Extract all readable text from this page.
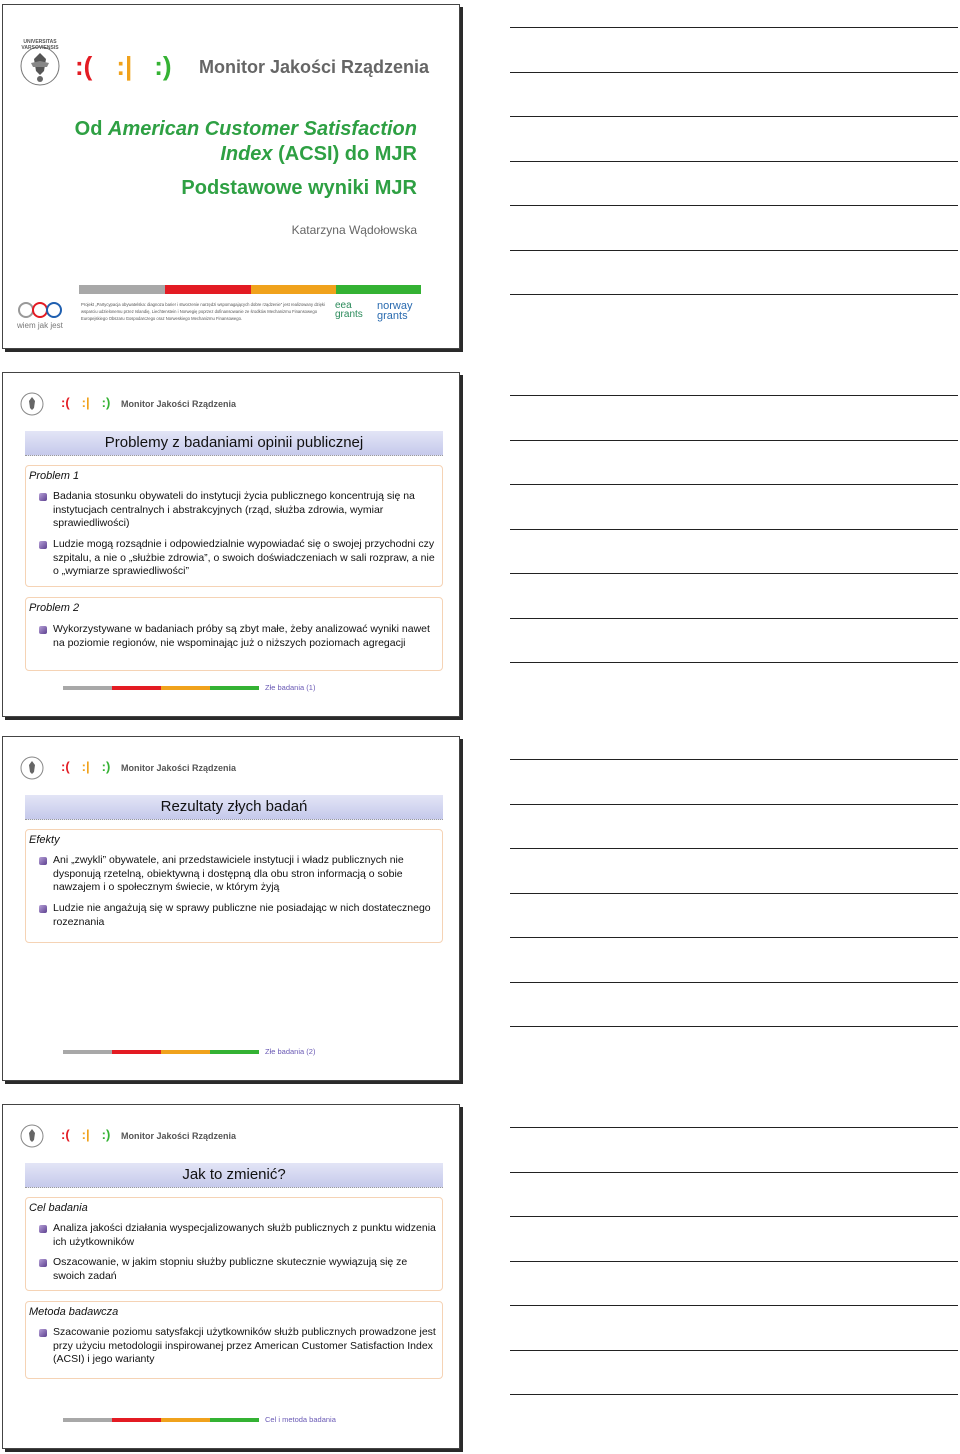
UNIVERSITAS VARSOVIENSIS
:( :| :) Monitor Jakości Rządzenia
Od American Customer Satisfaction
Index (ACSI) do MJR
Podstawowe wyniki MJR
Katarzyna Wądołowska
wiem jak jest
Projekt „Partycypacja obywatelska: diagnoza barier i stworzenie narzędzi wspomagających dobre rządzenie” jest realizowany dzięki wsparciu udzielonemu przez Islandię, Liechtenstein i Norwegię poprzez dofinansowanie ze środków Mechanizmu Finansowego Europejskiego Obszaru Gospodarczego oraz Norweskiego Mechanizmu Finansowego.
eea
grants
norway
grants
:( :| :) Monitor Jakości Rządzenia
Problemy z badaniami opinii publicznej
Problem 1
Badania stosunku obywateli do instytucji życia publicznego koncentrują się na instytucjach centralnych i abstrakcyjnych (rząd, służba zdrowia, wymiar sprawiedliwości)
Ludzie mogą rozsądnie i odpowiedzialnie wypowiadać się o swojej przychodni czy szpitalu, a nie o „służbie zdrowia”, o swoich doświadczeniach w sali rozpraw, a nie o „wymiarze sprawiedliwości”
Problem 2
Wykorzystywane w badaniach próby są zbyt małe, żeby analizować wyniki nawet na poziomie regionów, nie wspominając już o niższych poziomach agregacji
Złe badania (1)
:( :| :) Monitor Jakości Rządzenia
Rezultaty złych badań
Efekty
Ani „zwykli” obywatele, ani przedstawiciele instytucji i władz publicznych nie dysponują rzetelną, obiektywną i dostępną dla obu stron informacją o sobie nawzajem i o społecznym świecie, w którym żyją
Ludzie nie angażują się w sprawy publiczne nie posiadając w nich dostatecznego rozeznania
Złe badania (2)
:( :| :) Monitor Jakości Rządzenia
Jak to zmienić?
Cel badania
Analiza jakości działania wyspecjalizowanych służb publicznych z punktu widzenia ich użytkowników
Oszacowanie, w jakim stopniu służby publiczne skutecznie wywiązują się ze swoich zadań
Metoda badawcza
Szacowanie poziomu satysfakcji użytkowników służb publicznych prowadzone jest przy użyciu metodologii inspirowanej przez American Customer Satisfaction Index (ACSI) i jego warianty
Cel i metoda badania
